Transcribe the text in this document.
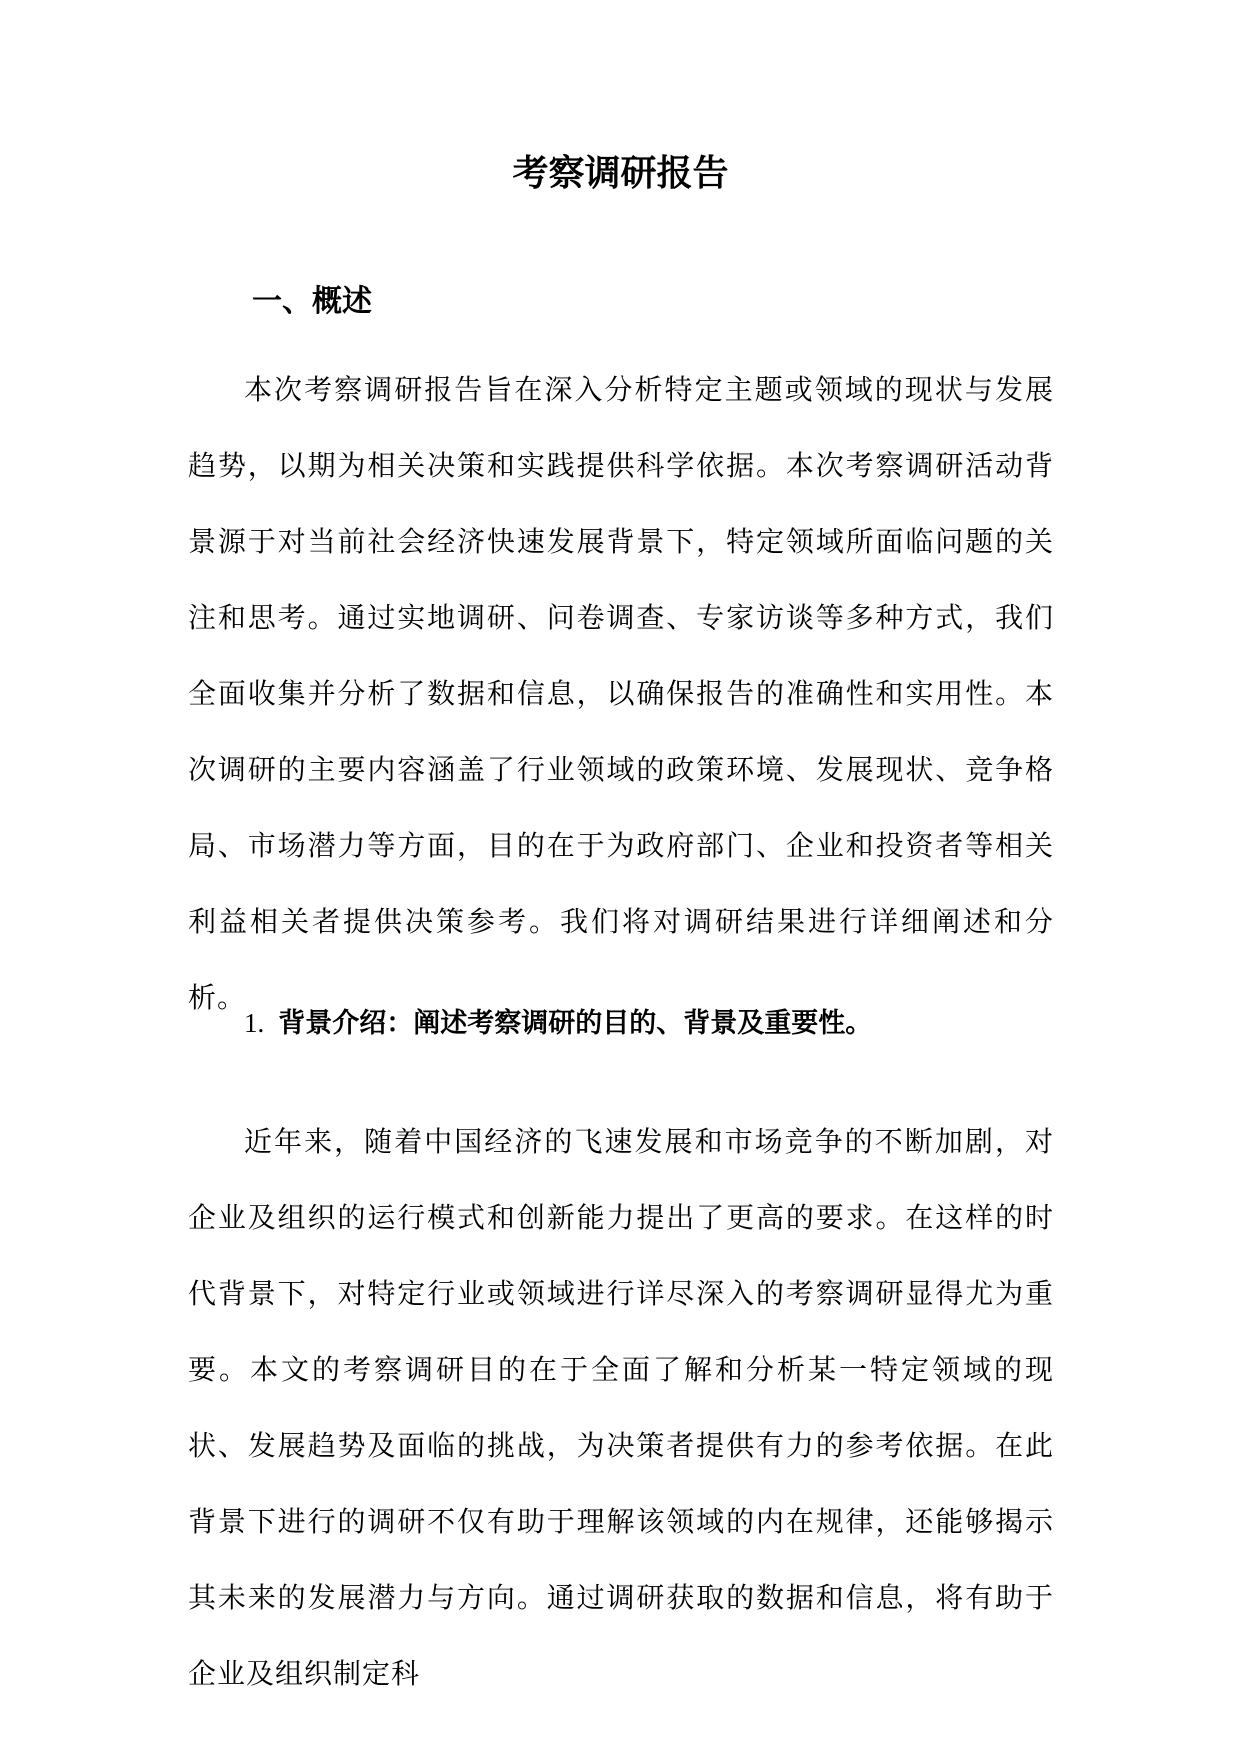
考察调研报告
一、概述

本次考察调研报告旨在深入分析特定主题或领域的现状与发展趋势，以期为相关决策和实践提供科学依据。本次考察调研活动背景源于对当前社会经济快速发展背景下，特定领域所面临问题的关注和思考。通过实地调研、问卷调查、专家访谈等多种方式，我们全面收集并分析了数据和信息，以确保报告的准确性和实用性。本次调研的主要内容涵盖了行业领域的政策环境、发展现状、竞争格局、市场潜力等方面，目的在于为政府部门、企业和投资者等相关利益相关者提供决策参考。我们将对调研结果进行详细阐述和分析。

1. 背景介绍：阐述考察调研的目的、背景及重要性。

近年来，随着中国经济的飞速发展和市场竞争的不断加剧，对企业及组织的运行模式和创新能力提出了更高的要求。在这样的时代背景下，对特定行业或领域进行详尽深入的考察调研显得尤为重要。本文的考察调研目的在于全面了解和分析某一特定领域的现状、发展趋势及面临的挑战，为决策者提供有力的参考依据。在此背景下进行的调研不仅有助于理解该领域的内在规律，还能够揭示其未来的发展潜力与方向。通过调研获取的数据和信息，将有助于企业及组织制定科
